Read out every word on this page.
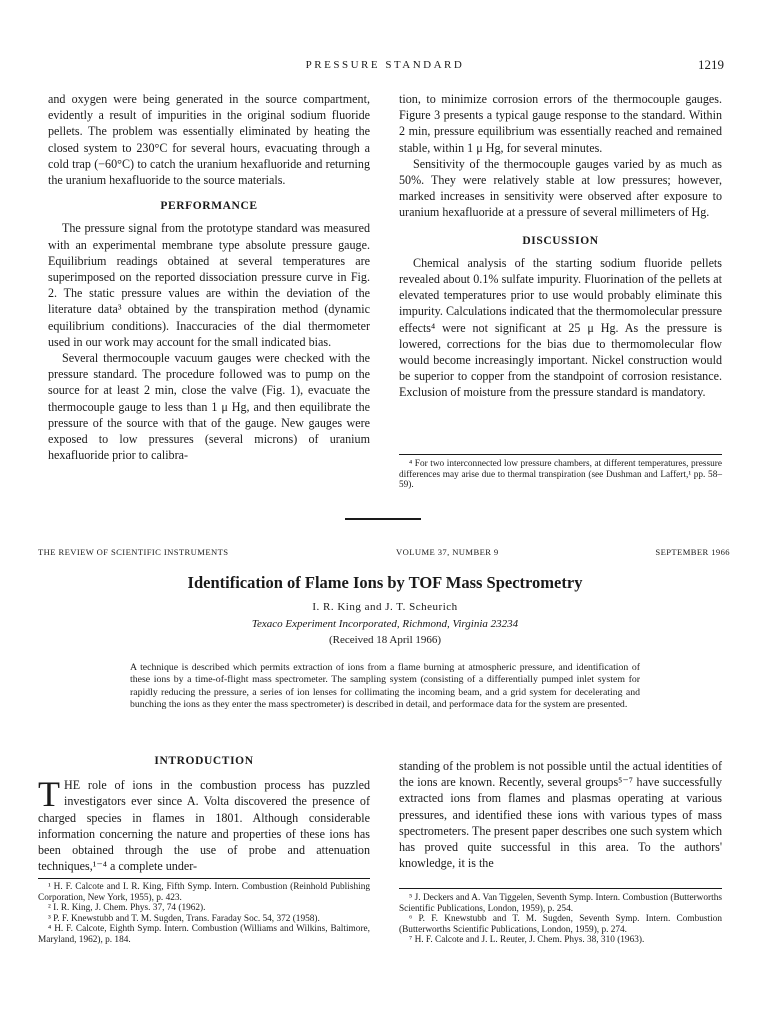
PRESSURE STANDARD	1219

and oxygen were being generated in the source compartment, evidently a result of impurities in the original sodium fluoride pellets. The problem was essentially eliminated by heating the closed system to 230°C for several hours, evacuating through a cold trap (−60°C) to catch the uranium hexafluoride and returning the uranium hexafluoride to the source materials.

PERFORMANCE

The pressure signal from the prototype standard was measured with an experimental membrane type absolute pressure gauge. Equilibrium readings obtained at several temperatures are superimposed on the reported dissociation pressure curve in Fig. 2. The static pressure values are within the deviation of the literature data³ obtained by the transpiration method (dynamic equilibrium conditions). Inaccuracies of the dial thermometer used in our work may account for the small indicated bias.

Several thermocouple vacuum gauges were checked with the pressure standard. The procedure followed was to pump on the source for at least 2 min, close the valve (Fig. 1), evacuate the thermocouple gauge to less than 1 μ Hg, and then equilibrate the pressure of the source with that of the gauge. New gauges were exposed to low pressures (several microns) of uranium hexafluoride prior to calibra-

tion, to minimize corrosion errors of the thermocouple gauges. Figure 3 presents a typical gauge response to the standard. Within 2 min, pressure equilibrium was essentially reached and remained stable, within 1 μ Hg, for several minutes.

Sensitivity of the thermocouple gauges varied by as much as 50%. They were relatively stable at low pressures; however, marked increases in sensitivity were observed after exposure to uranium hexafluoride at a pressure of several millimeters of Hg.

DISCUSSION

Chemical analysis of the starting sodium fluoride pellets revealed about 0.1% sulfate impurity. Fluorination of the pellets at elevated temperatures prior to use would probably eliminate this impurity. Calculations indicated that the thermomolecular pressure effects⁴ were not significant at 25 μ Hg. As the pressure is lowered, corrections for the bias due to thermomolecular flow would become increasingly important. Nickel construction would be superior to copper from the standpoint of corrosion resistance. Exclusion of moisture from the pressure standard is mandatory.

⁴ For two interconnected low pressure chambers, at different temperatures, pressure differences may arise due to thermal transpiration (see Dushman and Laffert,¹ pp. 58–59).

THE REVIEW OF SCIENTIFIC INSTRUMENTS	VOLUME 37, NUMBER 9	SEPTEMBER 1966
Identification of Flame Ions by TOF Mass Spectrometry
I. R. King and J. T. Scheurich
Texaco Experiment Incorporated, Richmond, Virginia 23234
(Received 18 April 1966)
A technique is described which permits extraction of ions from a flame burning at atmospheric pressure, and identification of these ions by a time-of-flight mass spectrometer. The sampling system (consisting of a differentially pumped inlet system for rapidly reducing the pressure, a series of ion lenses for collimating the incoming beam, and a grid system for decelerating and bunching the ions as they enter the mass spectrometer) is described in detail, and performace data for the system are presented.
INTRODUCTION

THE role of ions in the combustion process has puzzled investigators ever since A. Volta discovered the presence of charged species in flames in 1801. Although considerable information concerning the nature and properties of these ions has been obtained through the use of probe and attenuation techniques,¹⁻⁴ a complete under-

¹ H. F. Calcote and I. R. King, Fifth Symp. Intern. Combustion (Reinhold Publishing Corporation, New York, 1955), p. 423.

² I. R. King, J. Chem. Phys. 37, 74 (1962).

³ P. F. Knewstubb and T. M. Sugden, Trans. Faraday Soc. 54, 372 (1958).

⁴ H. F. Calcote, Eighth Symp. Intern. Combustion (Williams and Wilkins, Baltimore, Maryland, 1962), p. 184.

standing of the problem is not possible until the actual identities of the ions are known. Recently, several groups⁵⁻⁷ have successfully extracted ions from flames and plasmas operating at various pressures, and identified these ions with various types of mass spectrometers. The present paper describes one such system which has proved quite successful in this area. To the authors' knowledge, it is the

⁵ J. Deckers and A. Van Tiggelen, Seventh Symp. Intern. Combustion (Butterworths Scientific Publications, London, 1959), p. 254.

⁶ P. F. Knewstubb and T. M. Sugden, Seventh Symp. Intern. Combustion (Butterworths Scientific Publications, London, 1959), p. 274.

⁷ H. F. Calcote and J. L. Reuter, J. Chem. Phys. 38, 310 (1963).
